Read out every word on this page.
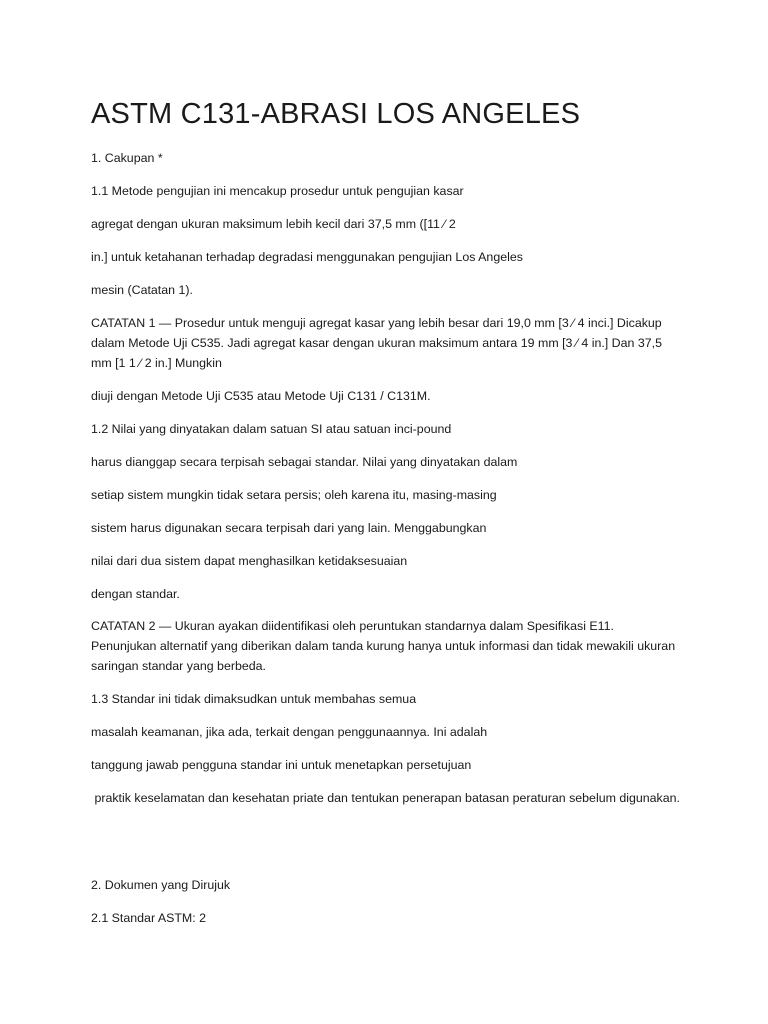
ASTM C131-ABRASI LOS ANGELES

1. Cakupan *

1.1 Metode pengujian ini mencakup prosedur untuk pengujian kasar

agregat dengan ukuran maksimum lebih kecil dari 37,5 mm ([11 ⁄ 2

in.] untuk ketahanan terhadap degradasi menggunakan pengujian Los Angeles

mesin (Catatan 1).

CATATAN 1 — Prosedur untuk menguji agregat kasar yang lebih besar dari 19,0 mm [3 ⁄ 4 inci.] Dicakup dalam Metode Uji C535. Jadi agregat kasar dengan ukuran maksimum antara 19 mm [3 ⁄ 4 in.] Dan 37,5 mm [1 1 ⁄ 2 in.] Mungkin

diuji dengan Metode Uji C535 atau Metode Uji C131 / C131M.

1.2 Nilai yang dinyatakan dalam satuan SI atau satuan inci-pound

harus dianggap secara terpisah sebagai standar. Nilai yang dinyatakan dalam

setiap sistem mungkin tidak setara persis; oleh karena itu, masing-masing

sistem harus digunakan secara terpisah dari yang lain. Menggabungkan

nilai dari dua sistem dapat menghasilkan ketidaksesuaian

dengan standar.

CATATAN 2 — Ukuran ayakan diidentifikasi oleh peruntukan standarnya dalam Spesifikasi E11. Penunjukan alternatif yang diberikan dalam tanda kurung hanya untuk informasi dan tidak mewakili ukuran saringan standar yang berbeda.

1.3 Standar ini tidak dimaksudkan untuk membahas semua

masalah keamanan, jika ada, terkait dengan penggunaannya. Ini adalah

tanggung jawab pengguna standar ini untuk menetapkan persetujuan

praktik keselamatan dan kesehatan priate dan tentukan penerapan batasan peraturan sebelum digunakan.

2. Dokumen yang Dirujuk

2.1 Standar ASTM: 2
